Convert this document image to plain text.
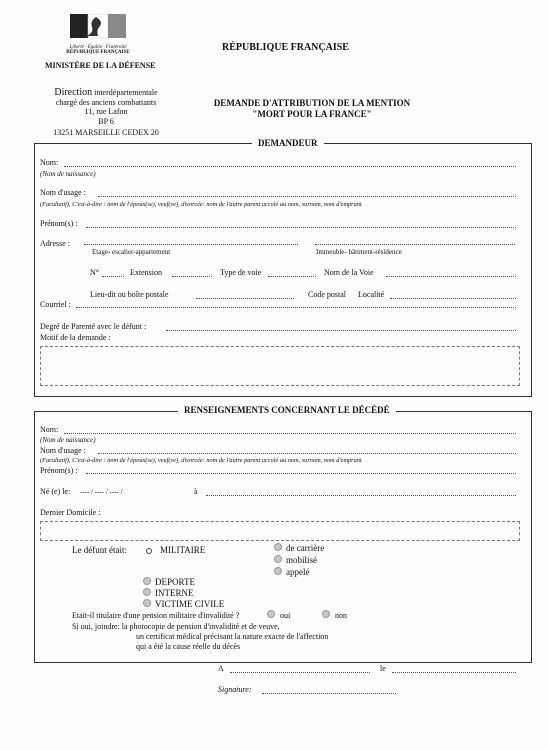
Liberté · Égalité · Fraternité
RÉPUBLIQUE FRANÇAISE
MINISTÈRE DE LA DÉFENSE
RÉPUBLIQUE FRANÇAISE
Direction interdépartementale
chargé des anciens combattants
11, rue Lafon
BP 6
13251 MARSEILLE CEDEX 20
DEMANDE D'ATTRIBUTION DE LA MENTION
"MORT POUR LA FRANCE"
DEMANDEUR
Nom:
(Nom de naissance)
Nom d'usage :
(Facultatif), C'est-à-dire : nom de l'époux(se), veuf(ve), divorcée: nom de l'autre parent accolé au nom, surnom, nom d'emprunt
Prénom(s) :
Adresse :
Etage- escalier-appartement	Immeuble- bâtiment-résidence
N°	Extension	Type de voie	Nom de la Voie
Lieu-dit ou boîte postale	Code postal Localité
Courriel :
Degré de Parenté avec le défunt :
Motif de la demande :
RENSEIGNEMENTS CONCERNANT LE DÉCÉDÉ
Nom:
(Nom de naissance)
Nom d'usage :
(Facultatif), C'est-à-dire : nom de l'époux(se), veuf(ve), divorcée: nom de l'autre parent accolé au nom, surnom, nom d'emprunt
Prénom(s) :
Né (e) le: ---- / ---- / ---- /	à
Dernier Domicile :
Le défunt était:	MILITAIRE	de carrière
mobilisé
appelé
DEPORTE
INTERNE
VICTIME CIVILE
Etait-il titulaire d'une pension militaire d'invalidité ?	oui	non
Si oui, joindre: la photocopie de pension d'invalidité et de veuve,
un certificat médical précisant la nature exacte de l'affection
qui a été la cause réelle du décès
A	le
Signature:
